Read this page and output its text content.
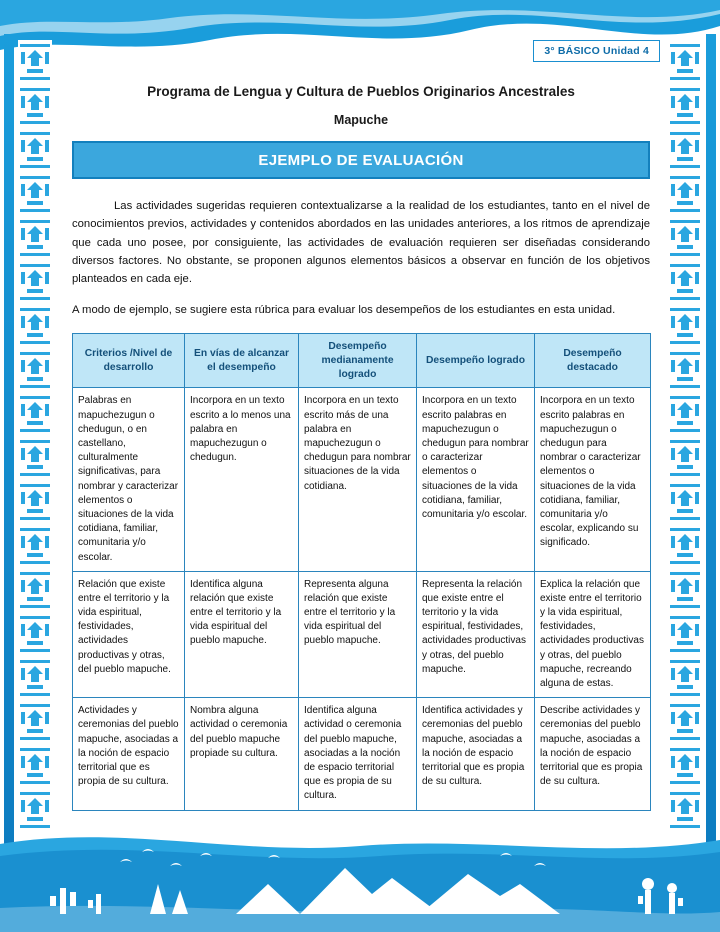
3° BÁSICO Unidad 4
Programa de Lengua y Cultura de Pueblos Originarios Ancestrales
Mapuche
EJEMPLO DE EVALUACIÓN

Las actividades sugeridas requieren contextualizarse a la realidad de los estudiantes, tanto en el nivel de conocimientos previos, actividades y contenidos abordados en las unidades anteriores, a los ritmos de aprendizaje que cada uno posee, por consiguiente, las actividades de evaluación requieren ser diseñadas considerando diversos factores. No obstante, se proponen algunos elementos básicos a observar en función de los objetivos planteados en cada eje.

A modo de ejemplo, se sugiere esta rúbrica para evaluar los desempeños de los estudiantes en esta unidad.

Criterios /Nivel de desarrollo	En vías de alcanzar el desempeño	Desempeño medianamente logrado	Desempeño logrado	Desempeño destacado
Palabras en mapuchezugun o chedugun, o en castellano, culturalmente significativas, para nombrar y caracterizar elementos o situaciones de la vida cotidiana, familiar, comunitaria y/o escolar.	Incorpora en un texto escrito a lo menos una palabra en mapuchezugun o chedugun.	Incorpora en un texto escrito más de una palabra en mapuchezugun o chedugun para nombrar situaciones de la vida cotidiana.	Incorpora en un texto escrito palabras en mapuchezugun o chedugun para nombrar o caracterizar elementos o situaciones de la vida cotidiana, familiar, comunitaria y/o escolar.	Incorpora en un texto escrito palabras en mapuchezugun o chedugun para nombrar o caracterizar elementos o situaciones de la vida cotidiana, familiar, comunitaria y/o escolar, explicando su significado.
Relación que existe entre el territorio y la vida espiritual, festividades, actividades productivas y otras, del pueblo mapuche.	Identifica alguna relación que existe entre el territorio y la vida espiritual del pueblo mapuche.	Representa alguna relación que existe entre el territorio y la vida espiritual del pueblo mapuche.	Representa la relación que existe entre el territorio y la vida espiritual, festividades, actividades productivas y otras, del pueblo mapuche.	Explica la relación que existe entre el territorio y la vida espiritual, festividades, actividades productivas y otras, del pueblo mapuche, recreando alguna de estas.
Actividades y ceremonias del pueblo mapuche, asociadas a la noción de espacio territorial que es propia de su cultura.	Nombra alguna actividad o ceremonia del pueblo mapuche propiade su cultura.	Identifica alguna actividad o ceremonia del pueblo mapuche, asociadas a la noción de espacio territorial que es propia de su cultura.	Identifica actividades y ceremonias del pueblo mapuche, asociadas a la noción de espacio territorial que es propia de su cultura.	Describe actividades y ceremonias del pueblo mapuche, asociadas a la noción de espacio territorial que es propia de su cultura.
